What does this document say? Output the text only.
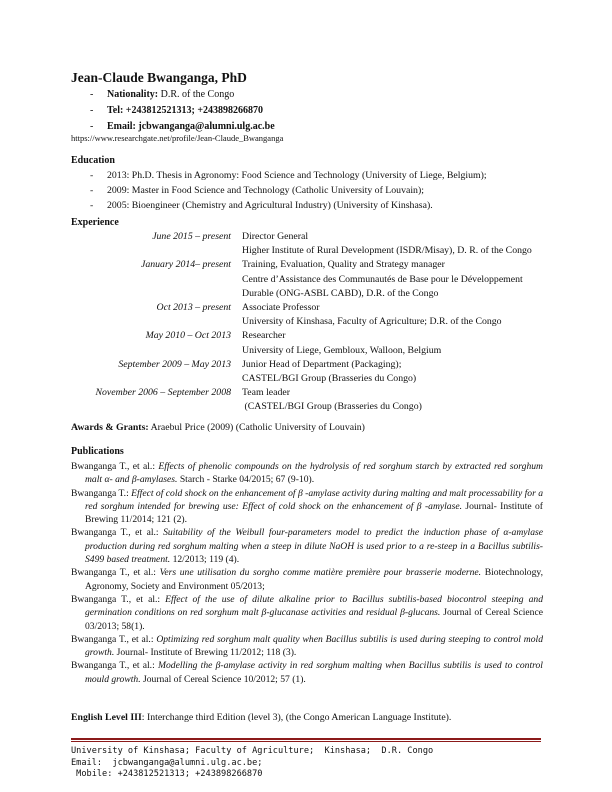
Jean-Claude Bwanganga, PhD
-	Nationality: D.R. of the Congo
-	Tel: +243812521313; +243898266870
-	Email: jcbwanganga@alumni.ulg.ac.be
https://www.researchgate.net/profile/Jean-Claude_Bwanganga
Education
-	2013: Ph.D. Thesis in Agronomy: Food Science and Technology (University of Liege, Belgium);
-	2009: Master in Food Science and Technology (Catholic University of Louvain);
-	2005: Bioengineer (Chemistry and Agricultural Industry) (University of Kinshasa).
Experience
June 2015 – present	Director General
Higher Institute of Rural Development (ISDR/Misay), D. R. of the Congo
January 2014– present	Training, Evaluation, Quality and Strategy manager
Centre d’Assistance des Communautés de Base pour le Développement
Durable (ONG-ASBL CABD), D.R. of the Congo
Oct 2013 – present	Associate Professor
University of Kinshasa, Faculty of Agriculture; D.R. of the Congo
May 2010 – Oct 2013	Researcher
University of Liege, Gembloux, Walloon, Belgium
September 2009 – May 2013	Junior Head of Department (Packaging);
CASTEL/BGI Group (Brasseries du Congo)
November 2006 – September 2008	Team leader
(CASTEL/BGI Group (Brasseries du Congo)
Awards & Grants: Araebul Price (2009) (Catholic University of Louvain)
Publications

Bwanganga T., et al.: Effects of phenolic compounds on the hydrolysis of red sorghum starch by extracted red sorghum malt α- and β-amylases. Starch - Starke 04/2015; 67 (9-10).

Bwanganga T.: Effect of cold shock on the enhancement of β -amylase activity during malting and malt processability for a red sorghum intended for brewing use: Effect of cold shock on the enhancement of β -amylase. Journal- Institute of Brewing 11/2014; 121 (2).

Bwanganga T., et al.: Suitability of the Weibull four-parameters model to predict the induction phase of α-amylase production during red sorghum malting when a steep in dilute NaOH is used prior to a re-steep in a Bacillus subtilis-S499 based treatment. 12/2013; 119 (4).

Bwanganga T., et al.: Vers une utilisation du sorgho comme matière première pour brasserie moderne. Biotechnology, Agronomy, Society and Environment 05/2013;

Bwanganga T., et al.: Effect of the use of dilute alkaline prior to Bacillus subtilis-based biocontrol steeping and germination conditions on red sorghum malt β-glucanase activities and residual β-glucans. Journal of Cereal Science 03/2013; 58(1).

Bwanganga T., et al.: Optimizing red sorghum malt quality when Bacillus subtilis is used during steeping to control mold growth. Journal- Institute of Brewing 11/2012; 118 (3).

Bwanganga T., et al.: Modelling the β-amylase activity in red sorghum malting when Bacillus subtilis is used to control mould growth. Journal of Cereal Science 10/2012; 57 (1).

English Level III: Interchange third Edition (level 3), (the Congo American Language Institute).
University of Kinshasa; Faculty of Agriculture;  Kinshasa;  D.R. Congo
Email:  jcbwanganga@alumni.ulg.ac.be;
Mobile: +243812521313; +243898266870
